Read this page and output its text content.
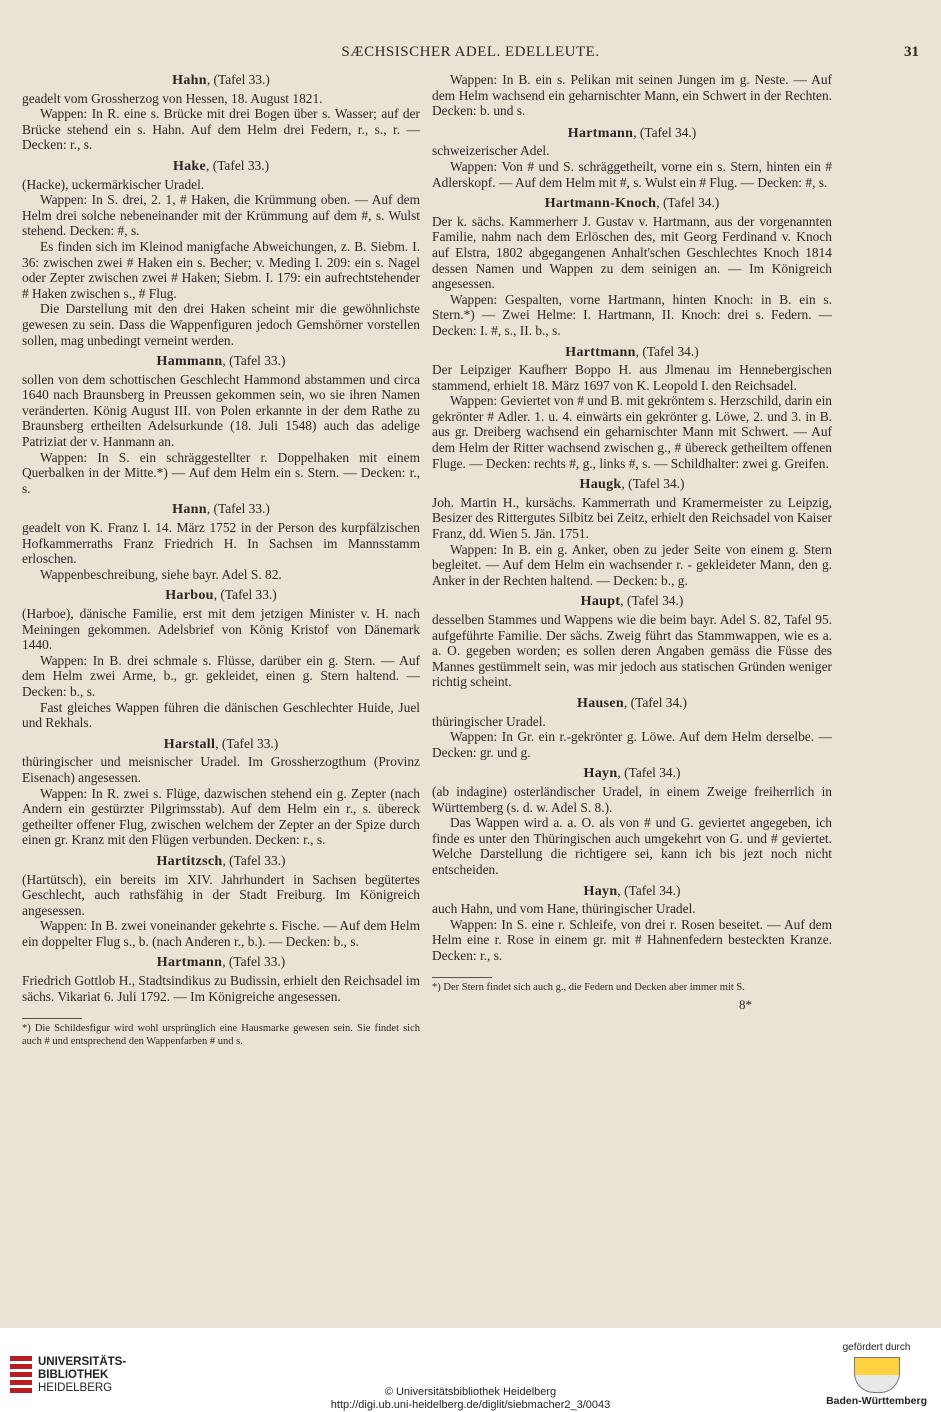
SÆCHSISCHER ADEL. EDELLEUTE.	31
Hahn, (Tafel 33.)

geadelt vom Grossherzog von Hessen, 18. August 1821.

Wappen: In R. eine s. Brücke mit drei Bogen über s. Wasser; auf der Brücke stehend ein s. Hahn. Auf dem Helm drei Federn, r., s., r. — Decken: r., s.

Hake, (Tafel 33.)

(Hacke), uckermärkischer Uradel.

Wappen: In S. drei, 2. 1, # Haken, die Krümmung oben. — Auf dem Helm drei solche nebeneinander mit der Krümmung auf dem #, s. Wulst stehend. Decken: #, s.

Es finden sich im Kleinod manigfache Abweichungen, z. B. Siebm. I. 36: zwischen zwei # Haken ein s. Becher; v. Meding I. 209: ein s. Nagel oder Zepter zwischen zwei # Haken; Siebm. I. 179: ein aufrechtstehender # Haken zwischen s., # Flug.

Die Darstellung mit den drei Haken scheint mir die gewöhnlichste gewesen zu sein. Dass die Wappenfiguren jedoch Gemshörner vorstellen sollen, mag unbedingt verneint werden.

Hammann, (Tafel 33.)

sollen von dem schottischen Geschlecht Hammond abstammen und circa 1640 nach Braunsberg in Preussen gekommen sein, wo sie ihren Namen veränderten. König August III. von Polen erkannte in der dem Rathe zu Braunsberg ertheilten Adelsurkunde (18. Juli 1548) auch das adelige Patriziat der v. Hanmann an.

Wappen: In S. ein schräggestellter r. Doppelhaken mit einem Querbalken in der Mitte.*) — Auf dem Helm ein s. Stern. — Decken: r., s.

Hann, (Tafel 33.)

geadelt von K. Franz I. 14. März 1752 in der Person des kurpfälzischen Hofkammerraths Franz Friedrich H. In Sachsen im Mannsstamm erloschen.

Wappenbeschreibung, siehe bayr. Adel S. 82.

Harbou, (Tafel 33.)

(Harboe), dänische Familie, erst mit dem jetzigen Minister v. H. nach Meiningen gekommen. Adelsbrief von König Kristof von Dänemark 1440.

Wappen: In B. drei schmale s. Flüsse, darüber ein g. Stern. — Auf dem Helm zwei Arme, b., gr. gekleidet, einen g. Stern haltend. — Decken: b., s.

Fast gleiches Wappen führen die dänischen Geschlechter Huide, Juel und Rekhals.

Harstall, (Tafel 33.)

thüringischer und meisnischer Uradel. Im Grossherzogthum (Provinz Eisenach) angesessen.

Wappen: In R. zwei s. Flüge, dazwischen stehend ein g. Zepter (nach Andern ein gestürzter Pilgrimsstab). Auf dem Helm ein r., s. übereck getheilter offener Flug, zwischen welchem der Zepter an der Spize durch einen gr. Kranz mit den Flügen verbunden. Decken: r., s.

Hartitzsch, (Tafel 33.)

(Hartütsch), ein bereits im XIV. Jahrhundert in Sachsen begütertes Geschlecht, auch rathsfähig in der Stadt Freiburg. Im Königreich angesessen.

Wappen: In B. zwei voneinander gekehrte s. Fische. — Auf dem Helm ein doppelter Flug s., b. (nach Anderen r., b.). — Decken: b., s.

Hartmann, (Tafel 33.)

Friedrich Gottlob H., Stadtsindikus zu Budissin, erhielt den Reichsadel im sächs. Vikariat 6. Juli 1792. — Im Königreiche angesessen.

*) Die Schildesfigur wird wohl ursprünglich eine Hausmarke gewesen sein. Sie findet sich auch # und entsprechend den Wappenfarben # und s.

Wappen: In B. ein s. Pelikan mit seinen Jungen im g. Neste. — Auf dem Helm wachsend ein geharnischter Mann, ein Schwert in der Rechten. Decken: b. und s.

Hartmann, (Tafel 34.)

schweizerischer Adel.

Wappen: Von # und S. schräggetheilt, vorne ein s. Stern, hinten ein # Adlerskopf. — Auf dem Helm mit #, s. Wulst ein # Flug. — Decken: #, s.

Hartmann-Knoch, (Tafel 34.)

Der k. sächs. Kammerherr J. Gustav v. Hartmann, aus der vorgenannten Familie, nahm nach dem Erlöschen des, mit Georg Ferdinand v. Knoch auf Elstra, 1802 abgegangenen Anhalt'schen Geschlechtes Knoch 1814 dessen Namen und Wappen zu dem seinigen an. — Im Königreich angesessen.

Wappen: Gespalten, vorne Hartmann, hinten Knoch: in B. ein s. Stern.*) — Zwei Helme: I. Hartmann, II. Knoch: drei s. Federn. — Decken: I. #, s., II. b., s.

Harttmann, (Tafel 34.)

Der Leipziger Kaufherr Boppo H. aus Jlmenau im Hennebergischen stammend, erhielt 18. März 1697 von K. Leopold I. den Reichsadel.

Wappen: Geviertet von # und B. mit gekröntem s. Herzschild, darin ein gekrönter # Adler. 1. u. 4. einwärts ein gekrönter g. Löwe, 2. und 3. in B. aus gr. Dreiberg wachsend ein geharnischter Mann mit Schwert. — Auf dem Helm der Ritter wachsend zwischen g., # übereck getheiltem offenen Fluge. — Decken: rechts #, g., links #, s. — Schildhalter: zwei g. Greifen.

Haugk, (Tafel 34.)

Joh. Martin H., kursächs. Kammerrath und Kramermeister zu Leipzig, Besizer des Rittergutes Silbitz bei Zeitz, erhielt den Reichsadel von Kaiser Franz, dd. Wien 5. Jän. 1751.

Wappen: In B. ein g. Anker, oben zu jeder Seite von einem g. Stern begleitet. — Auf dem Helm ein wachsender r. - gekleideter Mann, den g. Anker in der Rechten haltend. — Decken: b., g.

Haupt, (Tafel 34.)

desselben Stammes und Wappens wie die beim bayr. Adel S. 82, Tafel 95. aufgeführte Familie. Der sächs. Zweig führt das Stammwappen, wie es a. a. O. gegeben worden; es sollen deren Angaben gemäss die Füsse des Mannes gestümmelt sein, was mir jedoch aus statischen Gründen weniger richtig scheint.

Hausen, (Tafel 34.)

thüringischer Uradel.

Wappen: In Gr. ein r.-gekrönter g. Löwe. Auf dem Helm derselbe. — Decken: gr. und g.

Hayn, (Tafel 34.)

(ab indagine) osterländischer Uradel, in einem Zweige freiherrlich in Württemberg (s. d. w. Adel S. 8.).

Das Wappen wird a. a. O. als von # und G. geviertet angegeben, ich finde es unter den Thüringischen auch umgekehrt von G. und # geviertet. Welche Darstellung die richtigere sei, kann ich bis jezt noch nicht entscheiden.

Hayn, (Tafel 34.)

auch Hahn, und vom Hane, thüringischer Uradel.

Wappen: In S. eine r. Schleife, von drei r. Rosen beseitet. — Auf dem Helm eine r. Rose in einem gr. mit # Hahnenfedern besteckten Kranze. Decken: r., s.

*) Der Stern findet sich auch g., die Federn und Decken aber immer mit S.
8*
UNIVERSITÄTS-
BIBLIOTHEK
HEIDELBERG	© Universitätsbibliothek Heidelberg
http://digi.ub.uni-heidelberg.de/diglit/siebmacher2_3/0043
gefördert durch
Baden-Württemberg
